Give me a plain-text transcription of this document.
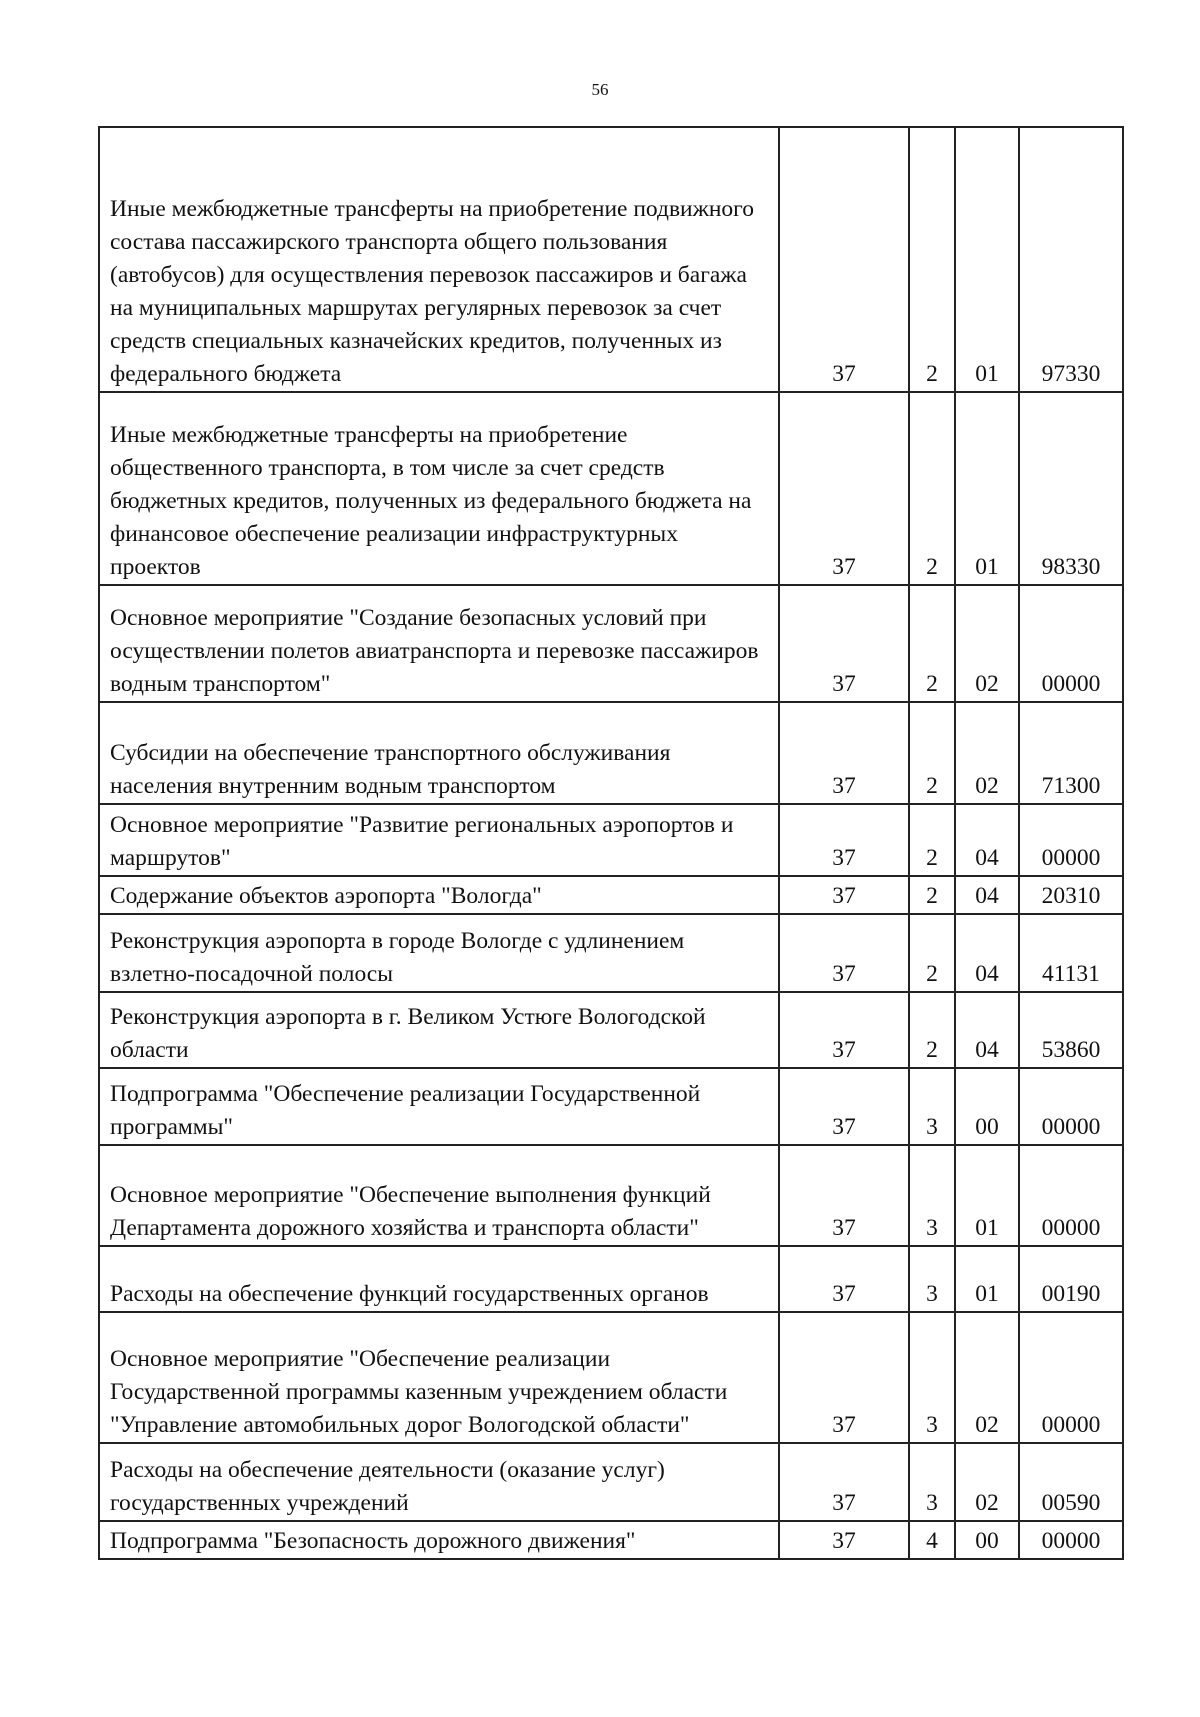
56
Иные межбюджетные трансферты на приобретение подвижного состава пассажирского транспорта общего пользования (автобусов) для осуществления перевозок пассажиров и багажа на муниципальных маршрутах регулярных перевозок за счет средств специальных казначейских кредитов, полученных из федерального бюджета	37	2	01	97330
Иные межбюджетные трансферты на приобретение общественного транспорта, в том числе за счет средств бюджетных кредитов, полученных из федерального бюджета на финансовое обеспечение реализации инфраструктурных проектов	37	2	01	98330
Основное мероприятие "Создание безопасных условий при осуществлении полетов авиатранспорта и перевозке пассажиров водным транспортом"	37	2	02	00000
Субсидии на обеспечение транспортного обслуживания населения внутренним водным транспортом	37	2	02	71300
Основное мероприятие "Развитие региональных аэропортов и маршрутов"	37	2	04	00000
Содержание объектов аэропорта "Вологда"	37	2	04	20310
Реконструкция аэропорта в городе Вологде с удлинением взлетно-посадочной полосы	37	2	04	41131
Реконструкция аэропорта в г. Великом Устюге Вологодской области	37	2	04	53860
Подпрограмма "Обеспечение реализации Государственной программы"	37	3	00	00000
Основное мероприятие "Обеспечение выполнения функций Департамента дорожного хозяйства и транспорта области"	37	3	01	00000
Расходы на обеспечение функций государственных органов	37	3	01	00190
Основное мероприятие "Обеспечение реализации Государственной программы казенным учреждением области "Управление автомобильных дорог Вологодской области"	37	3	02	00000
Расходы на обеспечение деятельности (оказание услуг) государственных учреждений	37	3	02	00590
Подпрограмма "Безопасность дорожного движения"	37	4	00	00000
